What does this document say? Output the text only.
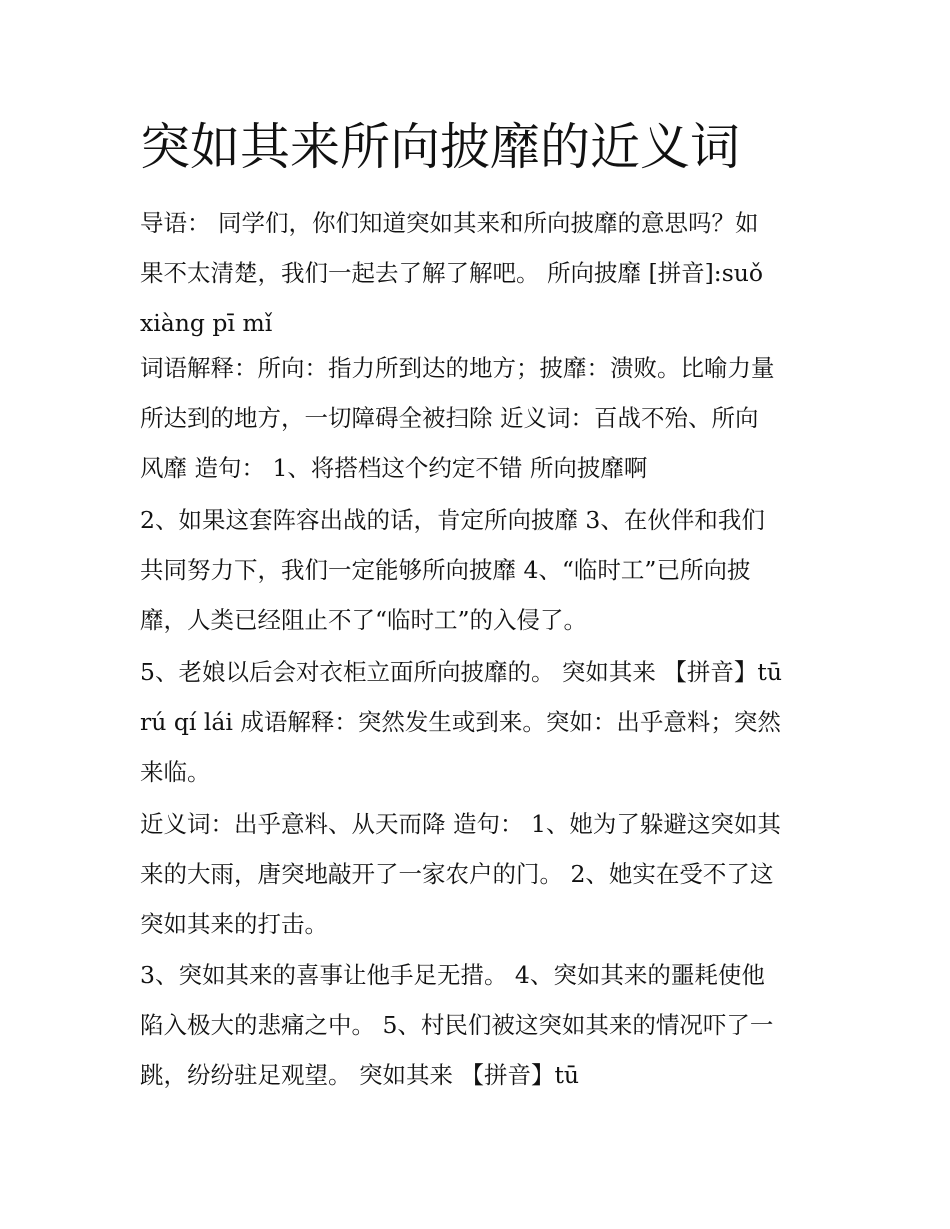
突如其来所向披靡的近义词
导语： 同学们，你们知道突如其来和所向披靡的意思吗？如
果不太清楚，我们一起去了解了解吧。 所向披靡 [拼音]:suǒ
xiàng pī mǐ
词语解释：所向：指力所到达的地方；披靡：溃败。比喻力量
所达到的地方，一切障碍全被扫除 近义词：百战不殆、所向
风靡 造句： 1、将搭档这个约定不错 所向披靡啊
2、如果这套阵容出战的话，肯定所向披靡 3、在伙伴和我们
共同努力下，我们一定能够所向披靡 4、“临时工”已所向披
靡，人类已经阻止不了“临时工”的入侵了。
5、老娘以后会对衣柜立面所向披靡的。 突如其来 【拼音】tū
rú qí lái 成语解释：突然发生或到来。突如：出乎意料；突然
来临。
近义词：出乎意料、从天而降 造句： 1、她为了躲避这突如其
来的大雨，唐突地敲开了一家农户的门。 2、她实在受不了这
突如其来的打击。
3、突如其来的喜事让他手足无措。 4、突如其来的噩耗使他
陷入极大的悲痛之中。 5、村民们被这突如其来的情况吓了一
跳，纷纷驻足观望。 突如其来 【拼音】tū
